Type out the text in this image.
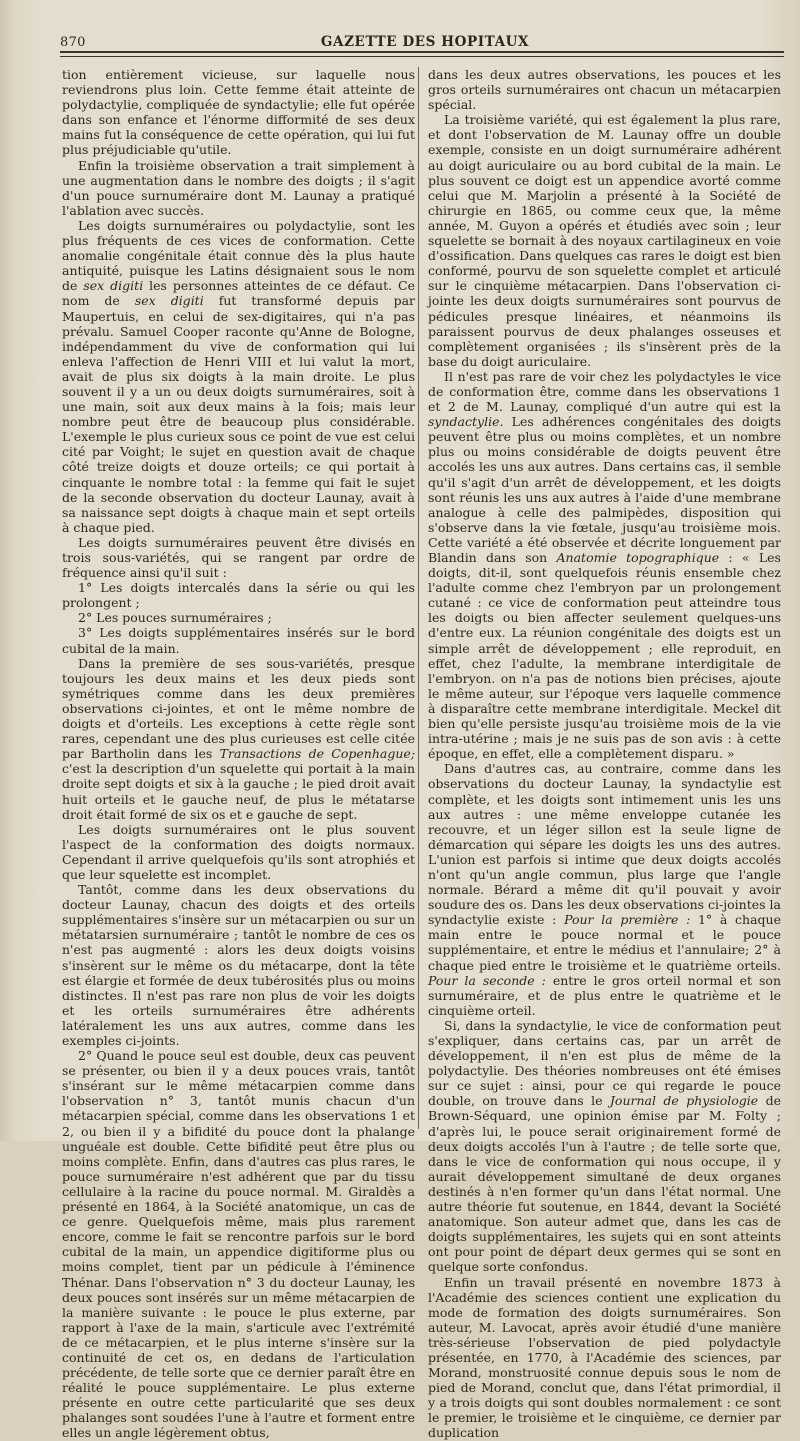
870	GAZETTE DES HOPITAUX

tion entièrement vicieuse, sur laquelle nous reviendrons plus loin. Cette femme était atteinte de polydactylie, compliquée de syndactylie; elle fut opérée dans son enfance et l'énorme difformité de ses deux mains fut la conséquence de cette opération, qui lui fut plus préjudiciable qu'utile.

Enfin la troisième observation a trait simplement à une augmentation dans le nombre des doigts ; il s'agit d'un pouce surnuméraire dont M. Launay a pratiqué l'ablation avec succès.

Les doigts surnuméraires ou polydactylie, sont les plus fréquents de ces vices de conformation. Cette anomalie congénitale était connue dès la plus haute antiquité, puisque les Latins désignaient sous le nom de sex digiti les personnes atteintes de ce défaut. Ce nom de sex digiti fut transformé depuis par Maupertuis, en celui de sex-digitaires, qui n'a pas prévalu. Samuel Cooper raconte qu'Anne de Bologne, indépendamment du vive de conformation qui lui enleva l'affection de Henri VIII et lui valut la mort, avait de plus six doigts à la main droite. Le plus souvent il y a un ou deux doigts surnuméraires, soit à une main, soit aux deux mains à la fois; mais leur nombre peut être de beaucoup plus considérable. L'exemple le plus curieux sous ce point de vue est celui cité par Voight; le sujet en question avait de chaque côté treize doigts et douze orteils; ce qui portait à cinquante le nombre total : la femme qui fait le sujet de la seconde observation du docteur Launay, avait à sa naissance sept doigts à chaque main et sept orteils à chaque pied.

Les doigts surnuméraires peuvent être divisés en trois sous-variétés, qui se rangent par ordre de fréquence ainsi qu'il suit :

1° Les doigts intercalés dans la série ou qui les prolongent ;

2° Les pouces surnuméraires ;

3° Les doigts supplémentaires insérés sur le bord cubital de la main.

Dans la première de ses sous-variétés, presque toujours les deux mains et les deux pieds sont symétriques comme dans les deux premières observations ci-jointes, et ont le même nombre de doigts et d'orteils. Les exceptions à cette règle sont rares, cependant une des plus curieuses est celle citée par Bartholin dans les Transactions de Copenhague; c'est la description d'un squelette qui portait à la main droite sept doigts et six à la gauche ; le pied droit avait huit orteils et le gauche neuf, de plus le métatarse droit était formé de six os et e gauche de sept.

Les doigts surnuméraires ont le plus souvent l'aspect de la conformation des doigts normaux. Cependant il arrive quelquefois qu'ils sont atrophiés et que leur squelette est incomplet.

Tantôt, comme dans les deux observations du docteur Launay, chacun des doigts et des orteils supplémentaires s'insère sur un métacarpien ou sur un métatarsien surnuméraire ; tantôt le nombre de ces os n'est pas augmenté : alors les deux doigts voisins s'insèrent sur le même os du métacarpe, dont la tête est élargie et formée de deux tubérosités plus ou moins distinctes. Il n'est pas rare non plus de voir les doigts et les orteils surnuméraires être adhérents latéralement les uns aux autres, comme dans les exemples ci-joints.

2° Quand le pouce seul est double, deux cas peuvent se présenter, ou bien il y a deux pouces vrais, tantôt s'insérant sur le même métacarpien comme dans l'observation n° 3, tantôt munis chacun d'un métacarpien spécial, comme dans les observations 1 et 2, ou bien il y a bifidité du pouce dont la phalange unguéale est double. Cette bifidité peut être plus ou moins complète. Enfin, dans d'autres cas plus rares, le pouce surnuméraire n'est adhérent que par du tissu cellulaire à la racine du pouce normal. M. Giraldès a présenté en 1864, à la Société anatomique, un cas de ce genre. Quelquefois même, mais plus rarement encore, comme le fait se rencontre parfois sur le bord cubital de la main, un appendice digitiforme plus ou moins complet, tient par un pédicule à l'éminence Thénar. Dans l'observation n° 3 du docteur Launay, les deux pouces sont insérés sur un même métacarpien de la manière suivante : le pouce le plus externe, par rapport à l'axe de la main, s'articule avec l'extrémité de ce métacarpien, et le plus interne s'insère sur la continuité de cet os, en dedans de l'articulation précédente, de telle sorte que ce dernier paraît être en réalité le pouce supplémentaire. Le plus externe présente en outre cette particularité que ses deux phalanges sont soudées l'une à l'autre et forment entre elles un angle légèrement obtus,

dans les deux autres observations, les pouces et les gros orteils surnuméraires ont chacun un métacarpien spécial.

La troisième variété, qui est également la plus rare, et dont l'observation de M. Launay offre un double exemple, consiste en un doigt surnuméraire adhérent au doigt auriculaire ou au bord cubital de la main. Le plus souvent ce doigt est un appendice avorté comme celui que M. Marjolin a présenté à la Société de chirurgie en 1865, ou comme ceux que, la même année, M. Guyon a opérés et étudiés avec soin ; leur squelette se bornait à des noyaux cartilagineux en voie d'ossification. Dans quelques cas rares le doigt est bien conformé, pourvu de son squelette complet et articulé sur le cinquième métacarpien. Dans l'observation ci-jointe les deux doigts surnuméraires sont pourvus de pédicules presque linéaires, et néanmoins ils paraissent pourvus de deux phalanges osseuses et complètement organisées ; ils s'insèrent près de la base du doigt auriculaire.

Il n'est pas rare de voir chez les polydactyles le vice de conformation être, comme dans les observations 1 et 2 de M. Launay, compliqué d'un autre qui est la syndactylie. Les adhérences congénitales des doigts peuvent être plus ou moins complètes, et un nombre plus ou moins considérable de doigts peuvent être accolés les uns aux autres. Dans certains cas, il semble qu'il s'agit d'un arrêt de développement, et les doigts sont réunis les uns aux autres à l'aide d'une membrane analogue à celle des palmipèdes, disposition qui s'observe dans la vie fœtale, jusqu'au troisième mois. Cette variété a été observée et décrite longuement par Blandin dans son Anatomie topographique : « Les doigts, dit-il, sont quelquefois réunis ensemble chez l'adulte comme chez l'embryon par un prolongement cutané : ce vice de conformation peut atteindre tous les doigts ou bien affecter seulement quelques-uns d'entre eux. La réunion congénitale des doigts est un simple arrêt de développement ; elle reproduit, en effet, chez l'adulte, la membrane interdigitale de l'embryon. on n'a pas de notions bien précises, ajoute le même auteur, sur l'époque vers laquelle commence à disparaître cette membrane interdigitale. Meckel dit bien qu'elle persiste jusqu'au troisième mois de la vie intra-utérine ; mais je ne suis pas de son avis : à cette époque, en effet, elle a complètement disparu. »

Dans d'autres cas, au contraire, comme dans les observations du docteur Launay, la syndactylie est complète, et les doigts sont intimement unis les uns aux autres : une même enveloppe cutanée les recouvre, et un léger sillon est la seule ligne de démarcation qui sépare les doigts les uns des autres. L'union est parfois si intime que deux doigts accolés n'ont qu'un angle commun, plus large que l'angle normale. Bérard a même dit qu'il pouvait y avoir soudure des os. Dans les deux observations ci-jointes la syndactylie existe : Pour la première : 1° à chaque main entre le pouce normal et le pouce supplémentaire, et entre le médius et l'annulaire; 2° à chaque pied entre le troisième et le quatrième orteils. Pour la seconde : entre le gros orteil normal et son surnuméraire, et de plus entre le quatrième et le cinquième orteil.

Si, dans la syndactylie, le vice de conformation peut s'expliquer, dans certains cas, par un arrêt de développement, il n'en est plus de même de la polydactylie. Des théories nombreuses ont été émises sur ce sujet : ainsi, pour ce qui regarde le pouce double, on trouve dans le Journal de physiologie de Brown-Séquard, une opinion émise par M. Folty ; d'après lui, le pouce serait originairement formé de deux doigts accolés l'un à l'autre ; de telle sorte que, dans le vice de conformation qui nous occupe, il y aurait développement simultané de deux organes destinés à n'en former qu'un dans l'état normal. Une autre théorie fut soutenue, en 1844, devant la Société anatomique. Son auteur admet que, dans les cas de doigts supplémentaires, les sujets qui en sont atteints ont pour point de départ deux germes qui se sont en quelque sorte confondus.

Enfin un travail présenté en novembre 1873 à l'Académie des sciences contient une explication du mode de formation des doigts surnuméraires. Son auteur, M. Lavocat, après avoir étudié d'une manière très-sérieuse l'observation de pied polydactyle présentée, en 1770, à l'Académie des sciences, par Morand, monstruosité connue depuis sous le nom de pied de Morand, conclut que, dans l'état primordial, il y a trois doigts qui sont doubles normalement : ce sont le premier, le troisième et le cinquième, ce dernier par duplication
